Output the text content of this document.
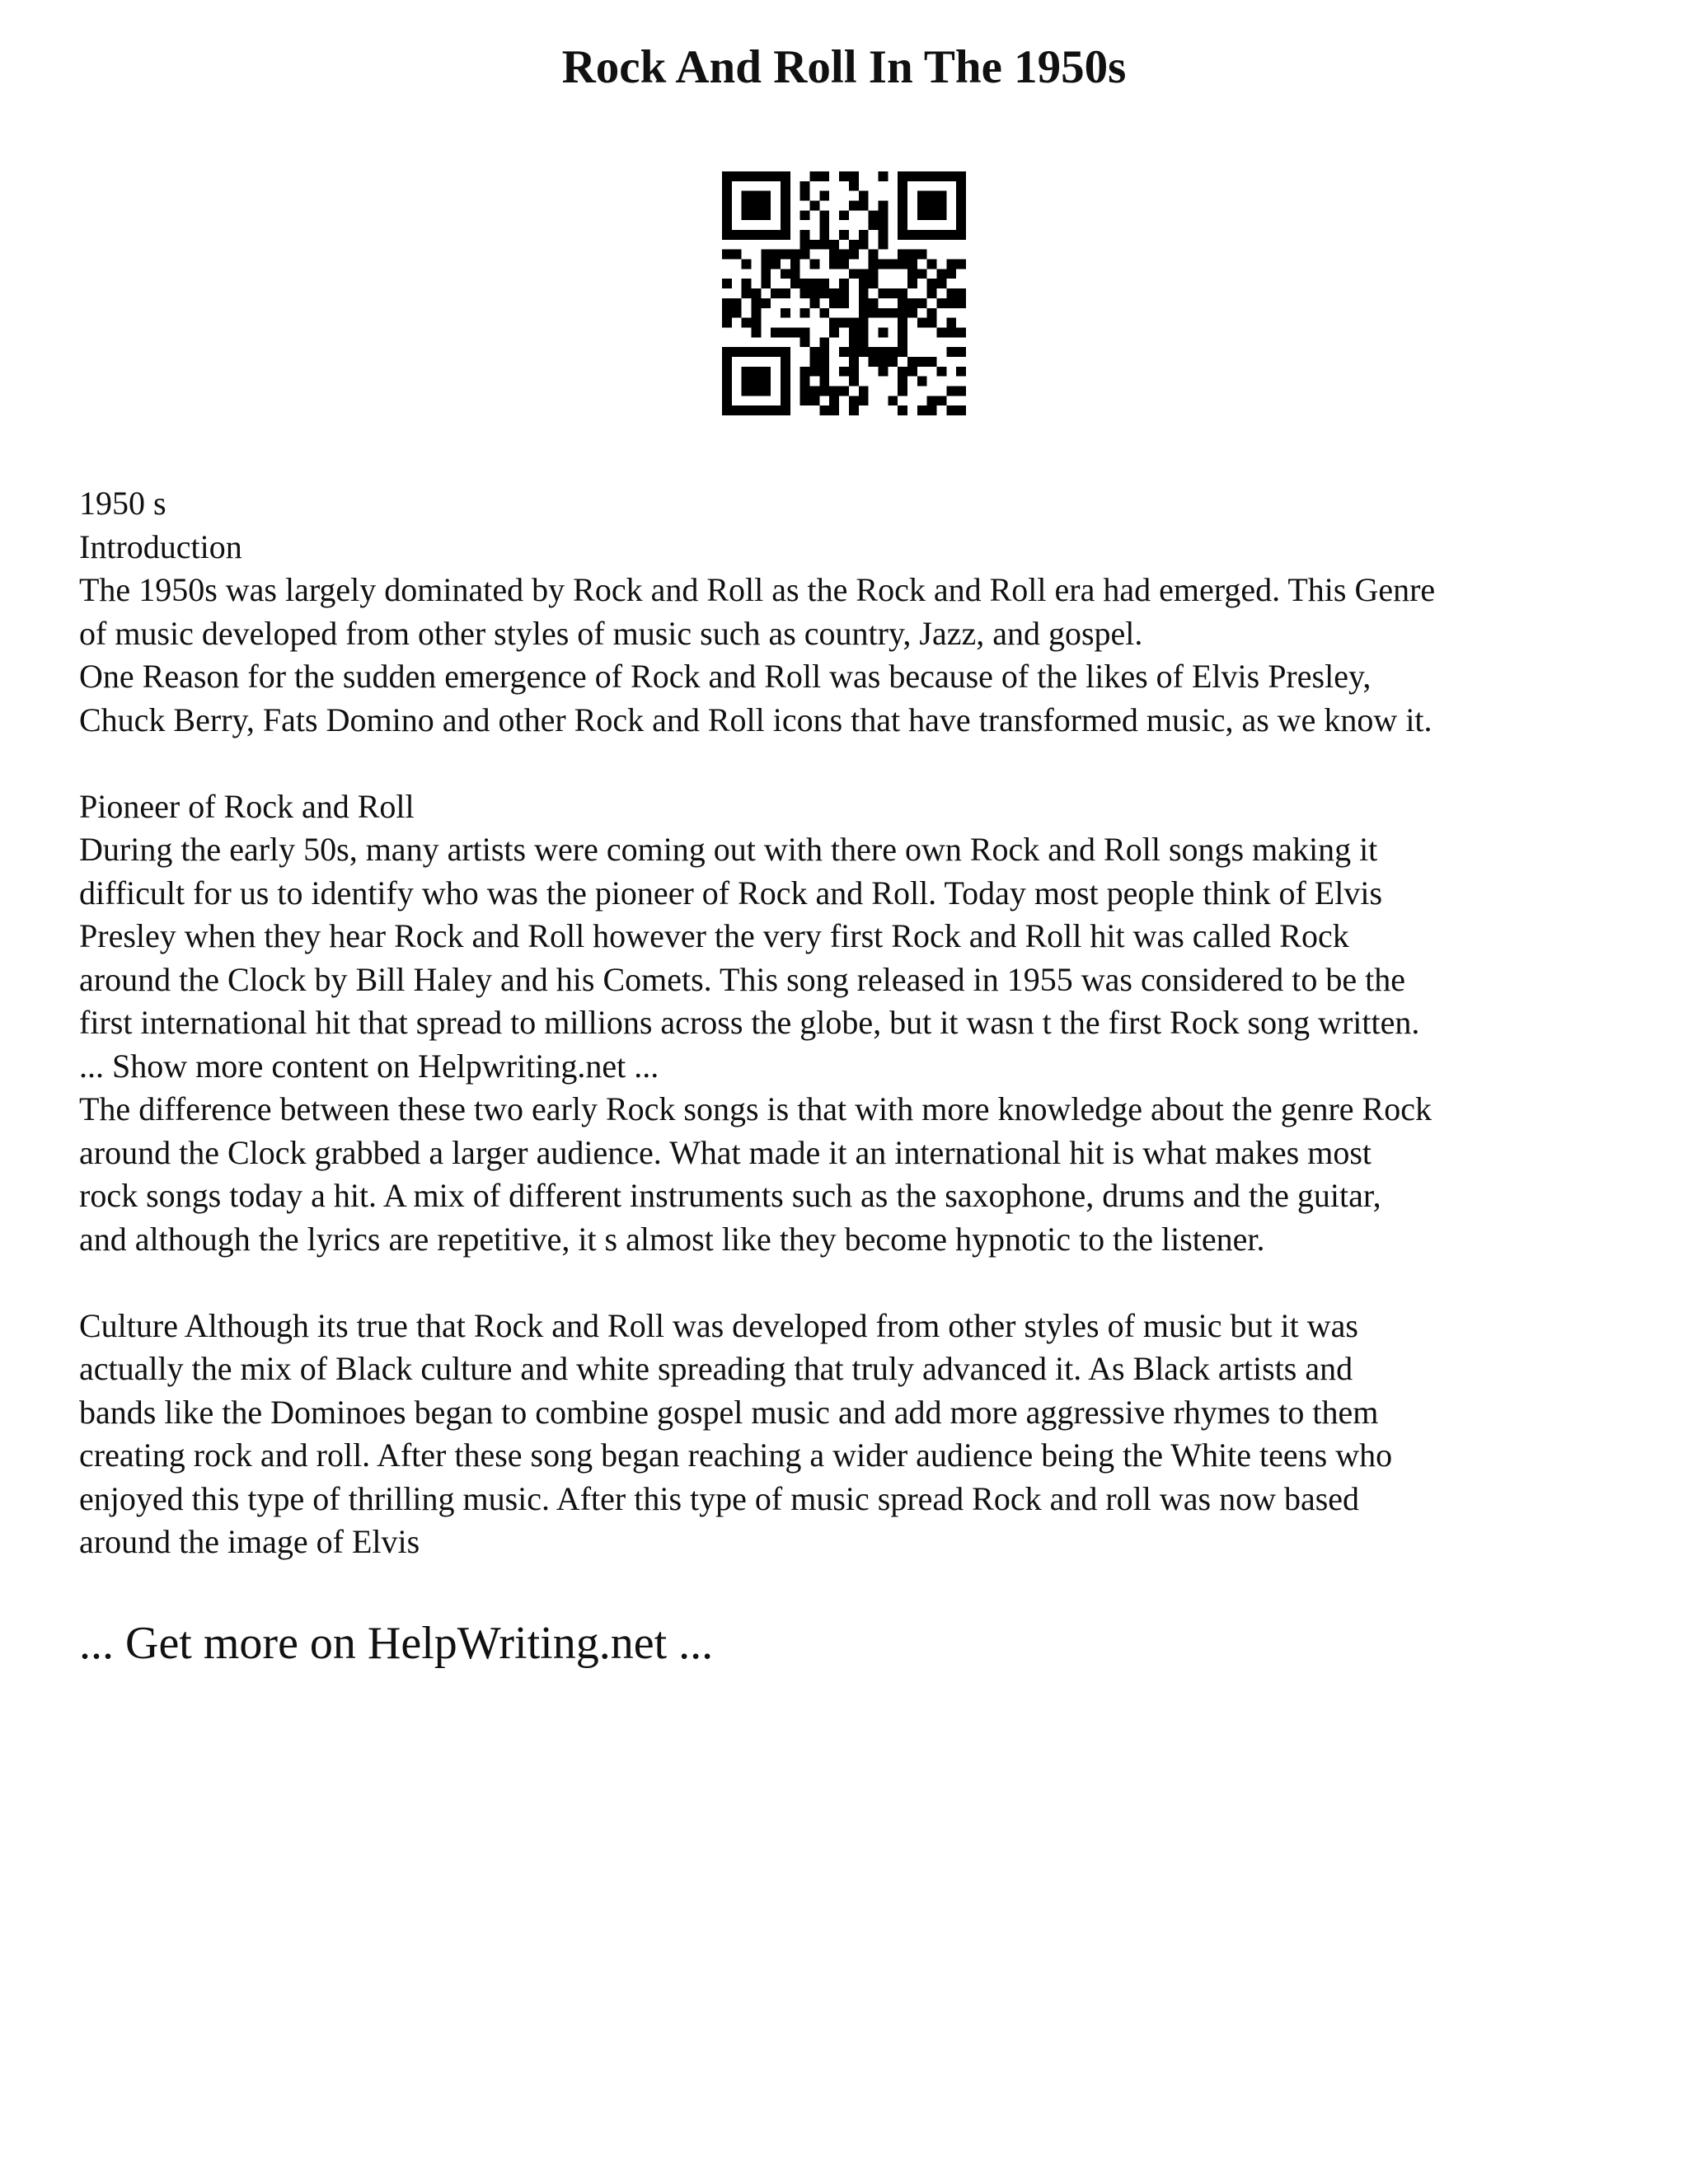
Rock And Roll In The 1950s
1950 s
Introduction
The 1950s was largely dominated by Rock and Roll as the Rock and Roll era had emerged. This Genre
of music developed from other styles of music such as country, Jazz, and gospel.
One Reason for the sudden emergence of Rock and Roll was because of the likes of Elvis Presley,
Chuck Berry, Fats Domino and other Rock and Roll icons that have transformed music, as we know it.
Pioneer of Rock and Roll
During the early 50s, many artists were coming out with there own Rock and Roll songs making it
difficult for us to identify who was the pioneer of Rock and Roll. Today most people think of Elvis
Presley when they hear Rock and Roll however the very first Rock and Roll hit was called Rock
around the Clock by Bill Haley and his Comets. This song released in 1955 was considered to be the
first international hit that spread to millions across the globe, but it wasn t the first Rock song written.
... Show more content on Helpwriting.net ...
The difference between these two early Rock songs is that with more knowledge about the genre Rock
around the Clock grabbed a larger audience. What made it an international hit is what makes most
rock songs today a hit. A mix of different instruments such as the saxophone, drums and the guitar,
and although the lyrics are repetitive, it s almost like they become hypnotic to the listener.
Culture Although its true that Rock and Roll was developed from other styles of music but it was
actually the mix of Black culture and white spreading that truly advanced it. As Black artists and
bands like the Dominoes began to combine gospel music and add more aggressive rhymes to them
creating rock and roll. After these song began reaching a wider audience being the White teens who
enjoyed this type of thrilling music. After this type of music spread Rock and roll was now based
around the image of Elvis
... Get more on HelpWriting.net ...
